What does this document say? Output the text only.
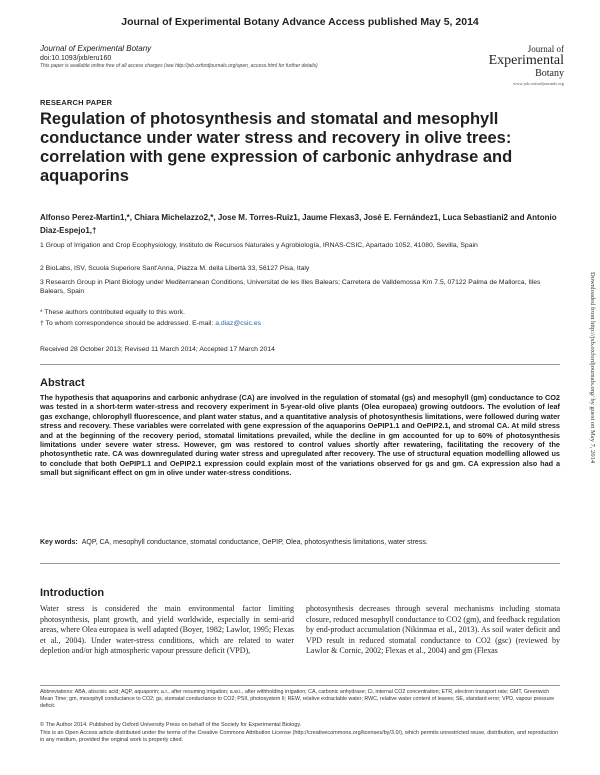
Journal of Experimental Botany Advance Access published May 5, 2014
Journal of Experimental Botany
doi:10.1093/jxb/eru160
This paper is available online free of all access charges (see http://jxb.oxfordjournals.org/open_access.html for further details)
Journal of
Experimental
Botany
www.jxb.oxfordjournals.org
RESEARCH PAPER
Regulation of photosynthesis and stomatal and mesophyll conductance under water stress and recovery in olive trees: correlation with gene expression of carbonic anhydrase and aquaporins
Alfonso Perez-Martin1,*, Chiara Michelazzo2,*, Jose M. Torres-Ruiz1, Jaume Flexas3, José E. Fernández1, Luca Sebastiani2 and Antonio Diaz-Espejo1,†
1 Group of Irrigation and Crop Ecophysiology, Instituto de Recursos Naturales y Agrobiología, IRNAS-CSIC, Apartado 1052, 41080, Sevilla, Spain
2 BioLabs, ISV, Scuola Superiore Sant'Anna, Piazza M. della Libertà 33, 56127 Pisa, Italy
3 Research Group in Plant Biology under Mediterranean Conditions, Universitat de les Illes Balears; Carretera de Valldemossa Km 7.5, 07122 Palma de Mallorca, Illes Balears, Spain
* These authors contributed equally to this work.
† To whom correspondence should be addressed. E-mail: a.diaz@csic.es
Received 28 October 2013; Revised 11 March 2014; Accepted 17 March 2014
Abstract
The hypothesis that aquaporins and carbonic anhydrase (CA) are involved in the regulation of stomatal (gs) and mesophyll (gm) conductance to CO2 was tested in a short-term water-stress and recovery experiment in 5-year-old olive plants (Olea europaea) growing outdoors. The evolution of leaf gas exchange, chlorophyll fluorescence, and plant water status, and a quantitative analysis of photosynthesis limitations, were followed during water stress and recovery. These variables were correlated with gene expression of the aquaporins OePIP1.1 and OePIP2.1, and stromal CA. At mild stress and at the beginning of the recovery period, stomatal limitations prevailed, while the decline in gm accounted for up to 60% of photosynthesis limitations under severe water stress. However, gm was restored to control values shortly after rewatering, facilitating the recovery of the photosynthetic rate. CA was downregulated during water stress and upregulated after recovery. The use of structural equation modelling allowed us to conclude that both OePIP1.1 and OePIP2.1 expression could explain most of the variations observed for gs and gm. CA expression also had a small but significant effect on gm in olive under water-stress conditions.
Key words: AQP, CA, mesophyll conductance, stomatal conductance, OePIP, Olea, photosynthesis limitations, water stress.
Introduction
Water stress is considered the main environmental factor limiting photosynthesis, plant growth, and yield worldwide, especially in semi-arid areas, where Olea europaea is well adapted (Boyer, 1982; Lawlor, 1995; Flexas et al., 2004). Under water-stress conditions, which are related to water depletion and/or high atmospheric vapour pressure deficit (VPD),
photosynthesis decreases through several mechanisms including stomata closure, reduced mesophyll conductance to CO2 (gm), and feedback regulation by end-product accumulation (Nikinmaa et al., 2013). As soil water deficit and VPD result in reduced stomatal conductance to CO2 (gsc) (reviewed by Lawlor & Cornic, 2002; Flexas et al., 2004) and gm (Flexas
Abbreviations: ABA, abscisic acid; AQP, aquaporin; a.r., after resuming irrigation; a.w.i., after withholding irrigation; CA, carbonic anhydrase; Ci, internal CO2 concentration; ETR, electron transport rate; GMT, Greenwich Mean Time; gm, mesophyll conductance to CO2; gs, stomatal conductance to CO2; PSII, photosystem II; REW, relative extractable water; RWC, relative water content of leaves; SE, standard error; VPD, vapour pressure deficit.
© The Author 2014. Published by Oxford University Press on behalf of the Society for Experimental Biology.
This is an Open Access article distributed under the terms of the Creative Commons Attribution License (http://creativecommons.org/licenses/by/3.0/), which permits unrestricted reuse, distribution, and reproduction in any medium, provided the original work is properly cited.
Downloaded from http://jxb.oxfordjournals.org/ by guest on May 7, 2014
